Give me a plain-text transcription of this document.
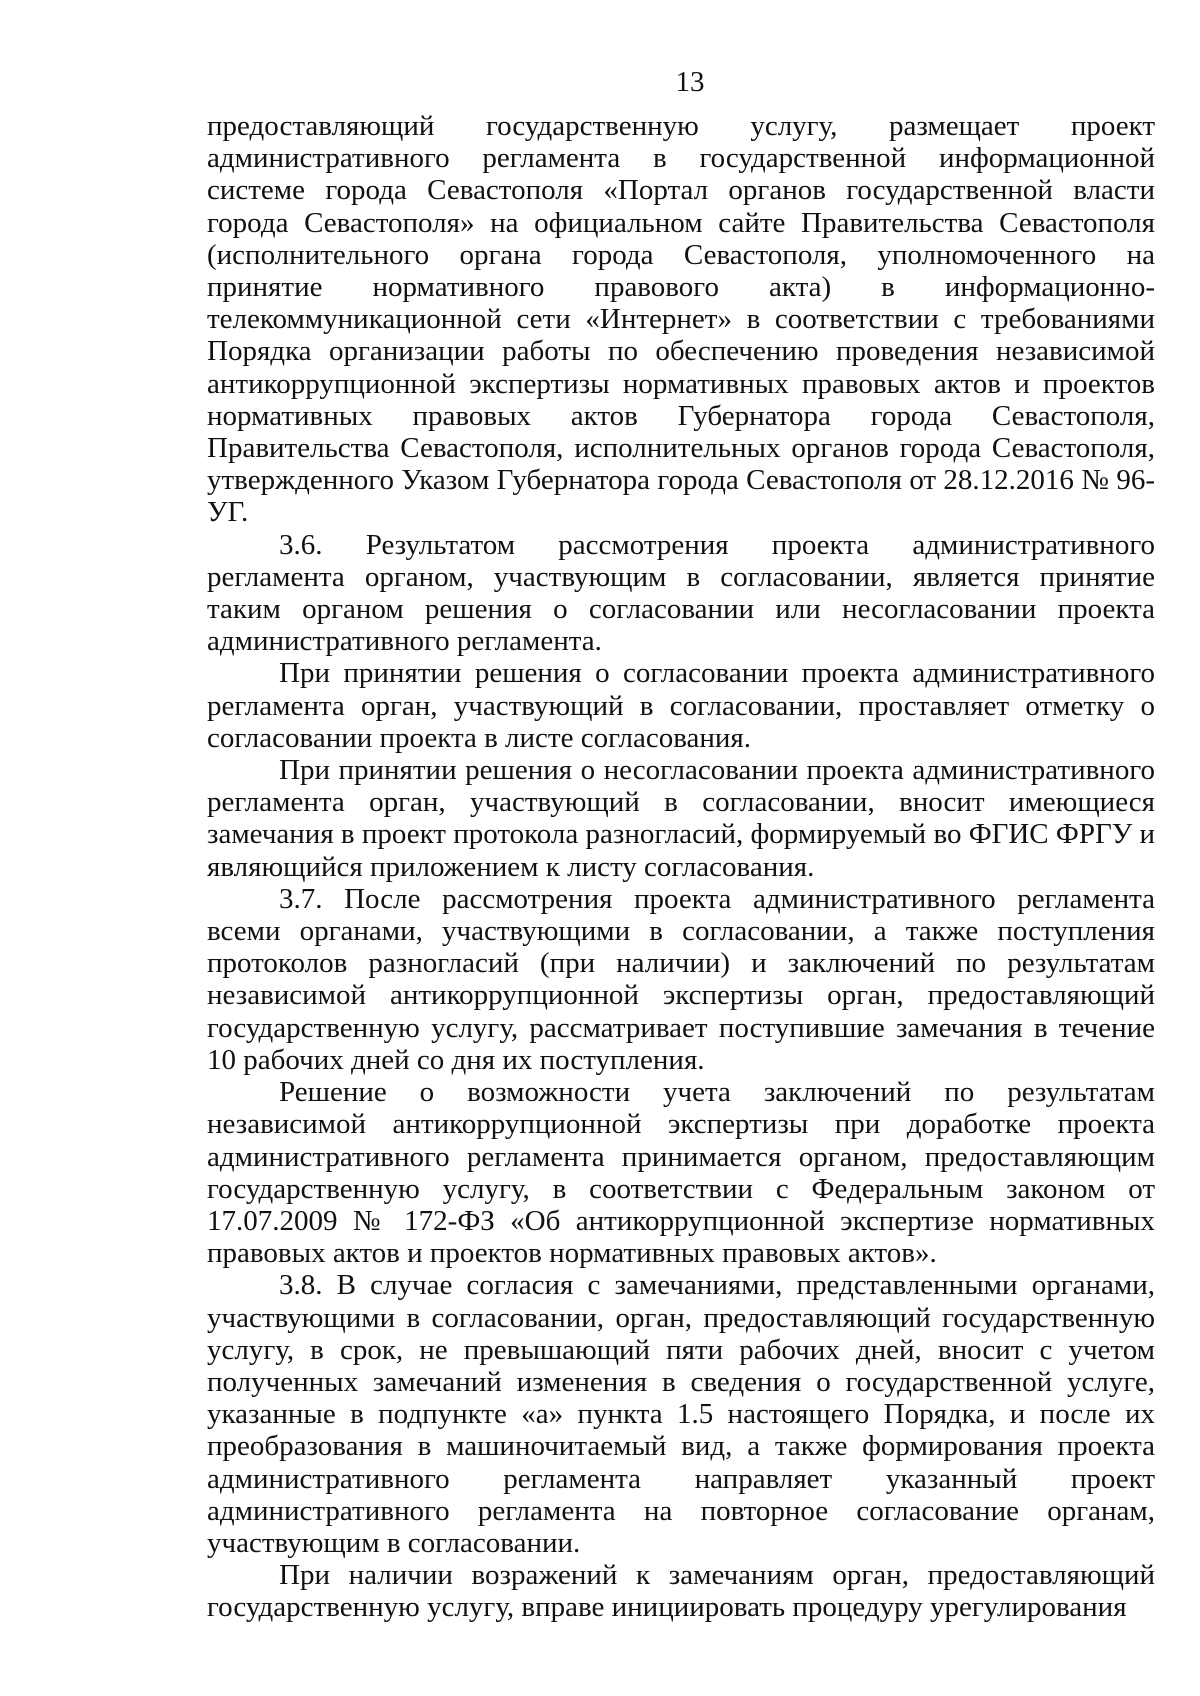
13

предоставляющий государственную услугу, размещает проект административного регламента в государственной информационной системе города Севастополя «Портал органов государственной власти города Севастополя» на официальном сайте Правительства Севастополя (исполнительного органа города Севастополя, уполномоченного на принятие нормативного правового акта) в информационно-телекоммуникационной сети «Интернет» в соответствии с требованиями Порядка организации работы по обеспечению проведения независимой антикоррупционной экспертизы нормативных правовых актов и проектов нормативных правовых актов Губернатора города Севастополя, Правительства Севастополя, исполнительных органов города Севастополя, утвержденного Указом Губернатора города Севастополя от 28.12.2016 № 96-УГ.

3.6. Результатом рассмотрения проекта административного регламента органом, участвующим в согласовании, является принятие таким органом решения о согласовании или несогласовании проекта административного регламента.

При принятии решения о согласовании проекта административного регламента орган, участвующий в согласовании, проставляет отметку о согласовании проекта в листе согласования.

При принятии решения о несогласовании проекта административного регламента орган, участвующий в согласовании, вносит имеющиеся замечания в проект протокола разногласий, формируемый во ФГИС ФРГУ и являющийся приложением к листу согласования.

3.7. После рассмотрения проекта административного регламента всеми органами, участвующими в согласовании, а также поступления протоколов разногласий (при наличии) и заключений по результатам независимой антикоррупционной экспертизы орган, предоставляющий государственную услугу, рассматривает поступившие замечания в течение 10 рабочих дней со дня их поступления.

Решение о возможности учета заключений по результатам независимой антикоррупционной экспертизы при доработке проекта административного регламента принимается органом, предоставляющим государственную услугу, в соответствии с Федеральным законом от 17.07.2009 № 172-ФЗ «Об антикоррупционной экспертизе нормативных правовых актов и проектов нормативных правовых актов».

3.8. В случае согласия с замечаниями, представленными органами, участвующими в согласовании, орган, предоставляющий государственную услугу, в срок, не превышающий пяти рабочих дней, вносит с учетом полученных замечаний изменения в сведения о государственной услуге, указанные в подпункте «а» пункта 1.5 настоящего Порядка, и после их преобразования в машиночитаемый вид, а также формирования проекта административного регламента направляет указанный проект административного регламента на повторное согласование органам, участвующим в согласовании.

При наличии возражений к замечаниям орган, предоставляющий государственную услугу, вправе инициировать процедуру урегулирования
